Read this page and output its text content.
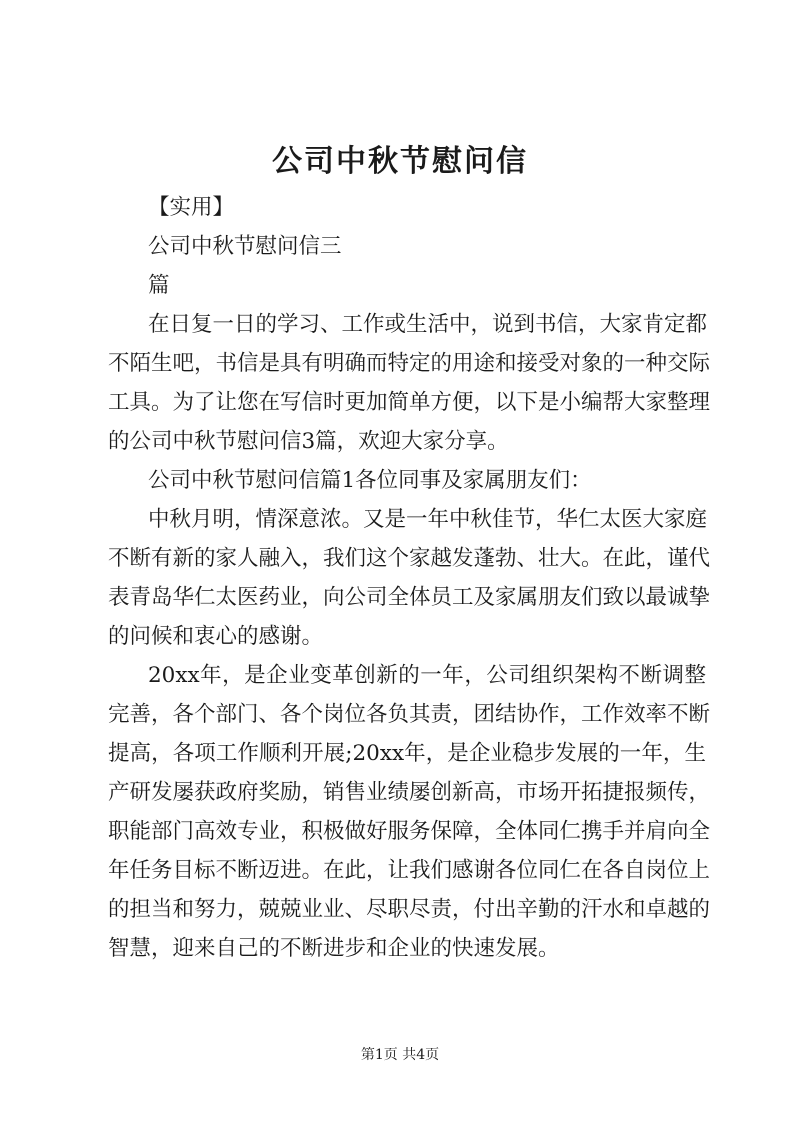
公司中秋节慰问信
【实用】
公司中秋节慰问信三
篇
在日复一日的学习、工作或生活中，说到书信，大家肯定都
不陌生吧，书信是具有明确而特定的用途和接受对象的一种交际
工具。为了让您在写信时更加简单方便，以下是小编帮大家整理
的公司中秋节慰问信3篇，欢迎大家分享。
公司中秋节慰问信篇1各位同事及家属朋友们：
中秋月明，情深意浓。又是一年中秋佳节，华仁太医大家庭
不断有新的家人融入，我们这个家越发蓬勃、壮大。在此，谨代
表青岛华仁太医药业，向公司全体员工及家属朋友们致以最诚挚
的问候和衷心的感谢。
20xx年，是企业变革创新的一年，公司组织架构不断调整
完善，各个部门、各个岗位各负其责，团结协作，工作效率不断
提高，各项工作顺利开展;20xx年，是企业稳步发展的一年，生
产研发屡获政府奖励，销售业绩屡创新高，市场开拓捷报频传，
职能部门高效专业，积极做好服务保障，全体同仁携手并肩向全
年任务目标不断迈进。在此，让我们感谢各位同仁在各自岗位上
的担当和努力，兢兢业业、尽职尽责，付出辛勤的汗水和卓越的
智慧，迎来自己的不断进步和企业的快速发展。
第1页 共4页
